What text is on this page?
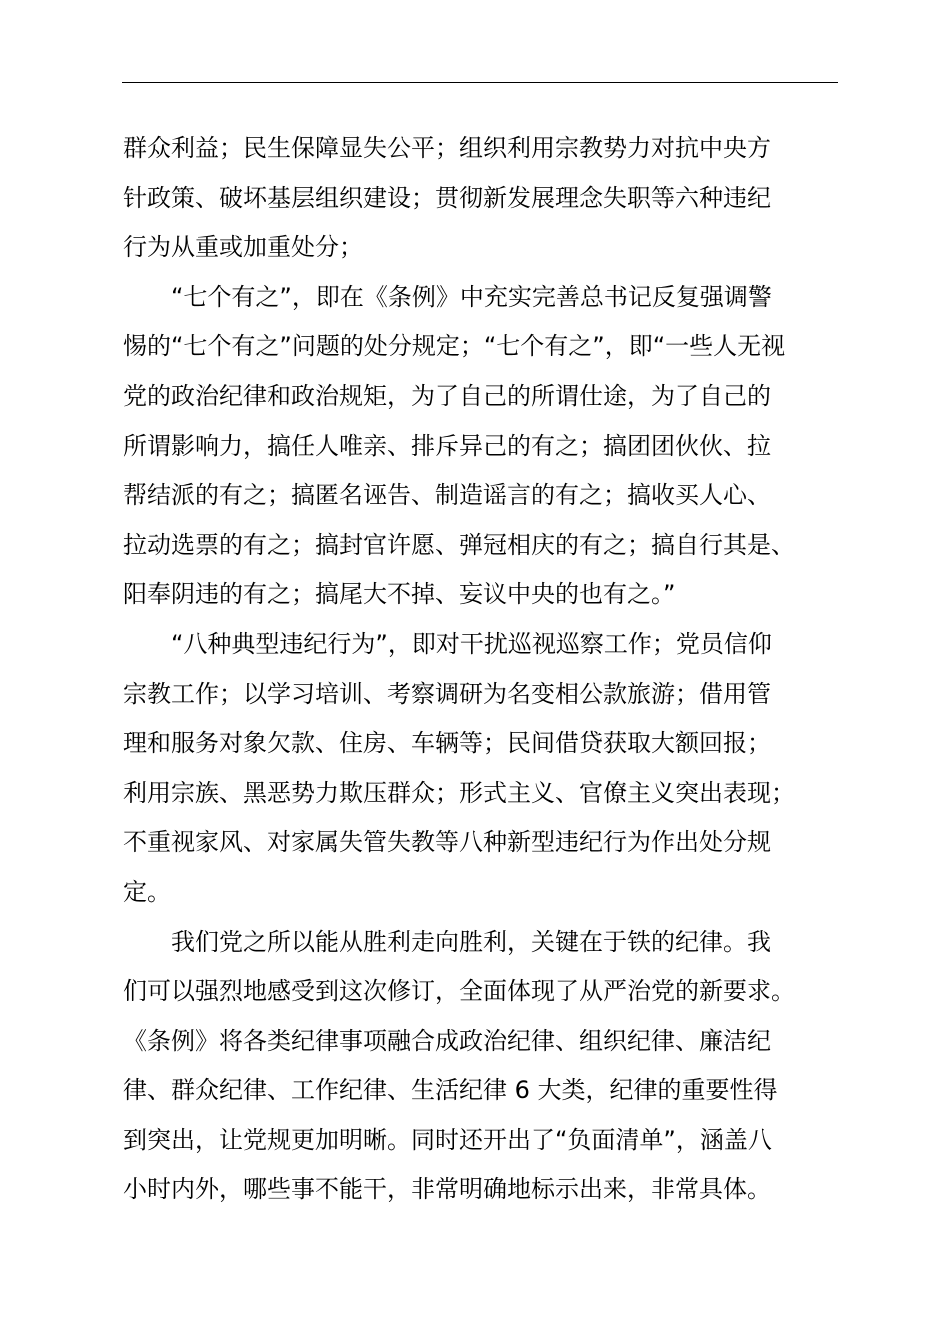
群众利益；民生保障显失公平；组织利用宗教势力对抗中央方
针政策、破坏基层组织建设；贯彻新发展理念失职等六种违纪
行为从重或加重处分；
“七个有之”，即在《条例》中充实完善总书记反复强调警
惕的“七个有之”问题的处分规定；“七个有之”，即“一些人无视
党的政治纪律和政治规矩，为了自己的所谓仕途，为了自己的
所谓影响力，搞任人唯亲、排斥异己的有之；搞团团伙伙、拉
帮结派的有之；搞匿名诬告、制造谣言的有之；搞收买人心、
拉动选票的有之；搞封官许愿、弹冠相庆的有之；搞自行其是、
阳奉阴违的有之；搞尾大不掉、妄议中央的也有之。”
“八种典型违纪行为”，即对干扰巡视巡察工作；党员信仰
宗教工作；以学习培训、考察调研为名变相公款旅游；借用管
理和服务对象欠款、住房、车辆等；民间借贷获取大额回报；
利用宗族、黑恶势力欺压群众；形式主义、官僚主义突出表现；
不重视家风、对家属失管失教等八种新型违纪行为作出处分规
定。
我们党之所以能从胜利走向胜利，关键在于铁的纪律。我
们可以强烈地感受到这次修订，全面体现了从严治党的新要求。
《条例》将各类纪律事项融合成政治纪律、组织纪律、廉洁纪
律、群众纪律、工作纪律、生活纪律 6 大类，纪律的重要性得
到突出，让党规更加明晰。同时还开出了“负面清单”，涵盖八
小时内外，哪些事不能干，非常明确地标示出来，非常具体。
